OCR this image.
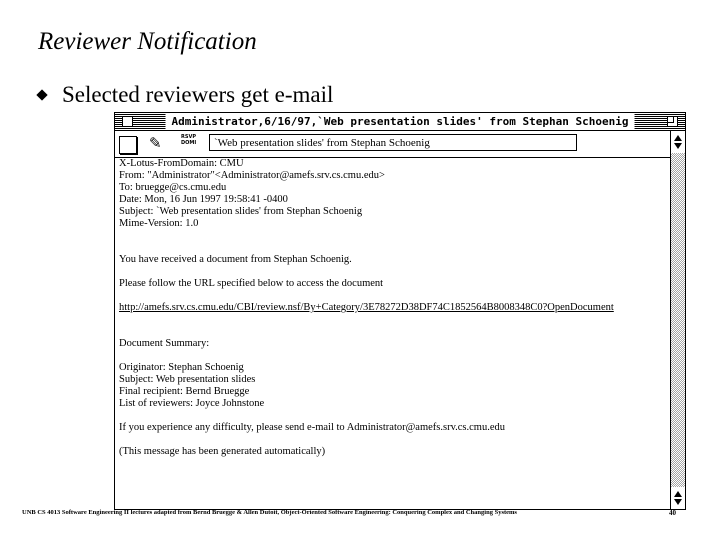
Reviewer Notification
Selected reviewers get e-mail
Administrator,6/16/97,`Web presentation slides' from Stephan Schoenig
✎	RSVP DOMI	`Web presentation slides' from Stephan Schoenig
X-Lotus-FromDomain: CMU
From: "Administrator"<Administrator@amefs.srv.cs.cmu.edu>
To: bruegge@cs.cmu.edu
Date: Mon, 16 Jun 1997 19:58:41 -0400
Subject: `Web presentation slides' from Stephan Schoenig
Mime-Version: 1.0
You have received a document from Stephan Schoenig.
Please follow the URL specified below to access the document
http://amefs.srv.cs.cmu.edu/CBI/review.nsf/By+Category/3E78272D38DF74C1852564B8008348C0?OpenDocument
Document Summary:
Originator: Stephan Schoenig
Subject: Web presentation slides
Final recipient: Bernd Bruegge
List of reviewers: Joyce Johnstone
If you experience any difficulty, please send e-mail to Administrator@amefs.srv.cs.cmu.edu
(This message has been generated automatically)
UNB CS 4013 Software Engineering II lectures adapted from Bernd Bruegge & Allen Dutoit, Object-Oriented Software Engineering: Conquering Complex and Changing Systems	40
